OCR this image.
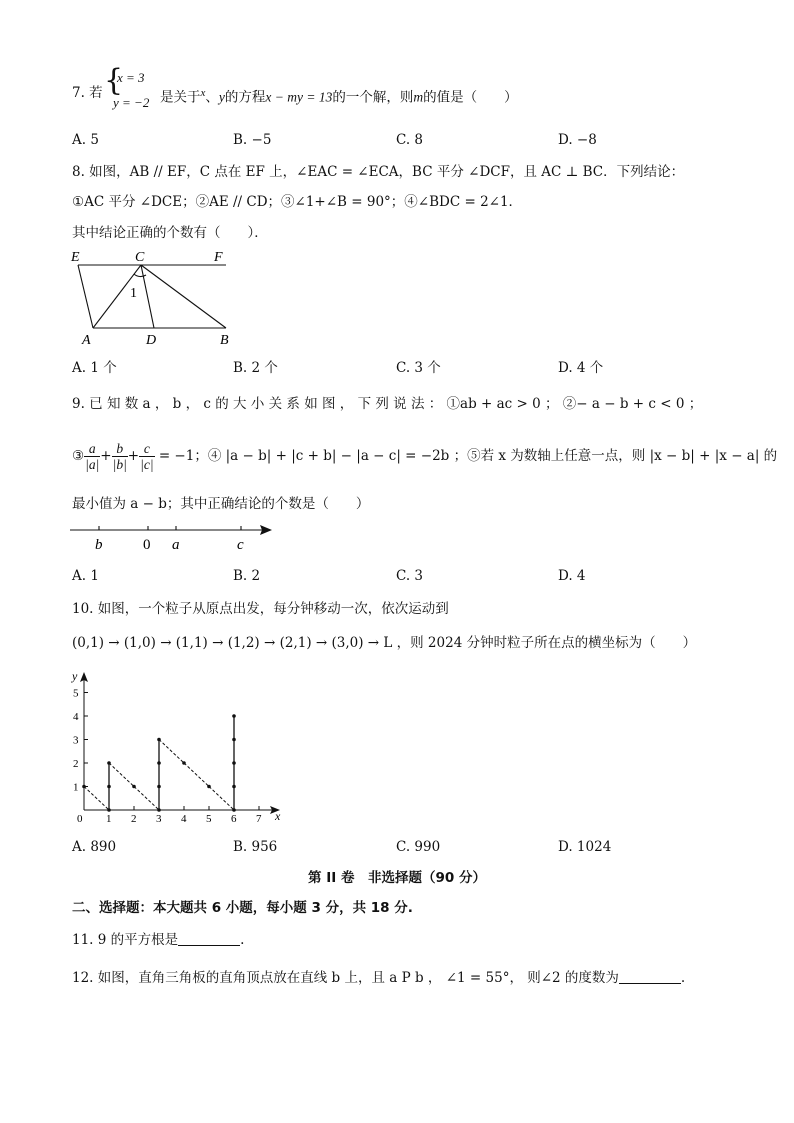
7. 若 {
x = 3
y = −2 是关于$^x$、y的方程x − my = 13的一个解，则m的值是（　　）
A. 5	B. −5	C. 8	D. −8
8. 如图，AB // EF，C 点在 EF 上，∠EAC = ∠ECA，BC 平分 ∠DCF，且 AC ⊥ BC．下列结论：
①AC 平分 ∠DCE；②AE // CD；③∠1+∠B = 90°；④∠BDC = 2∠1．
其中结论正确的个数有（　　）．
E	C	F
1
A	D	B
A. 1 个	B. 2 个	C. 3 个	D. 4 个
9. 已 知 数 a ， b ， c 的 大 小 关 系 如 图 ， 下 列 说 法 ： ①ab + ac > 0 ； ②− a − b + c < 0 ；
③ $\frac{a}{|a|} + \frac{b}{|b|} + \frac{c}{|c|} = -1$；④ |a − b| + |c + b| − |a − c| = −2b ；⑤若 x 为数轴上任意一点，则 |x − b| + |x − a| 的
最小值为 a − b；其中正确结论的个数是（　　）
b	0 a	c
A. 1	B. 2	C. 3	D. 4
10. 如图，一个粒子从原点出发，每分钟移动一次，依次运动到
(0,1) → (1,0) → (1,1) → (1,2) → (2,1) → (3,0) → L ，则 2024 分钟时粒子所在点的横坐标为（　　）
y
x
0 1 2 3 4 5 6 7
1
2
3
4
5
A. 890	B. 956	C. 990	D. 1024
第 II 卷　非选择题（90 分）
二、选择题：本大题共 6 小题，每小题 3 分，共 18 分.
11. 9 的平方根是	.
12. 如图，直角三角板的直角顶点放在直线 b 上，且 a P b ， ∠1 = 55°， 则∠2 的度数为	.
